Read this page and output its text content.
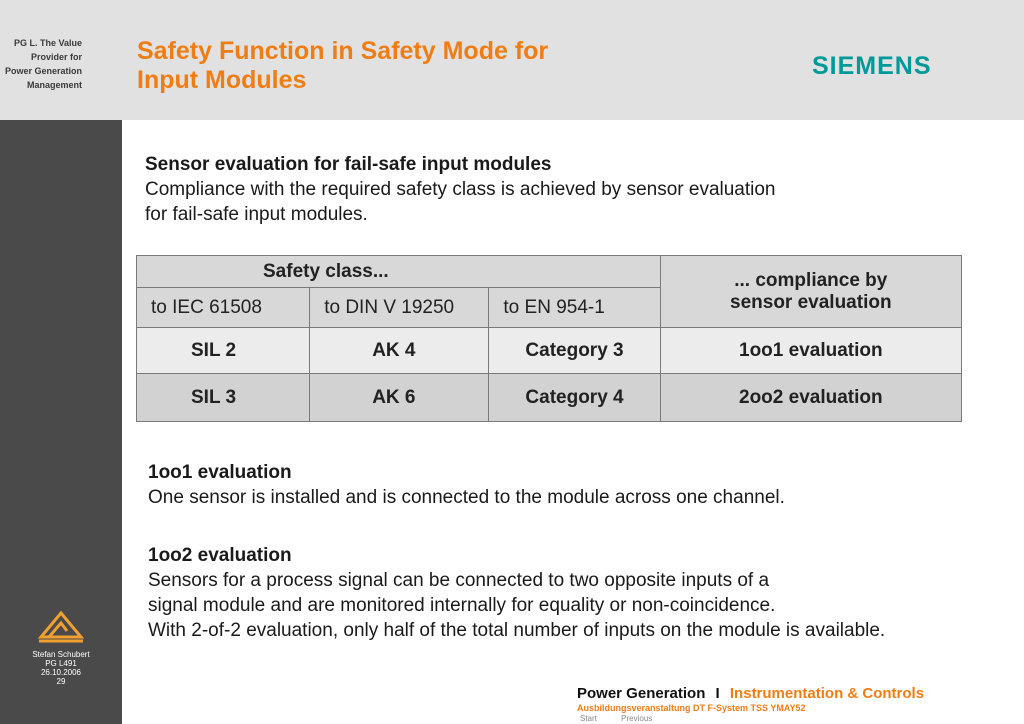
PG L. The Value
Provider for
Power Generation
Management
Safety Function in Safety Mode for
Input Modules	SIEMENS
Stefan Schubert
PG L491
26.10.2006
29
Sensor evaluation for fail-safe input modules
Compliance with the required safety class is achieved by sensor evaluation
for fail-safe input modules.
Safety class...			... compliance by
sensor evaluation

to IEC 61508	to DIN V 19250	to EN 954-1	
SIL 2	AK 4	Category 3	1oo1 evaluation
SIL 3	AK 6	Category 4	2oo2 evaluation
1oo1 evaluation
One sensor is installed and is connected to the module across one channel.
1oo2 evaluation
Sensors for a process signal can be connected to two opposite inputs of a
signal module and are monitored internally for equality or non-coincidence.
With 2-of-2 evaluation, only half of the total number of inputs on the module is available.
Power Generation I Instrumentation & Controls
Ausbildungsveranstaltung DT F-System TSS YMAY52
Start	Previous
